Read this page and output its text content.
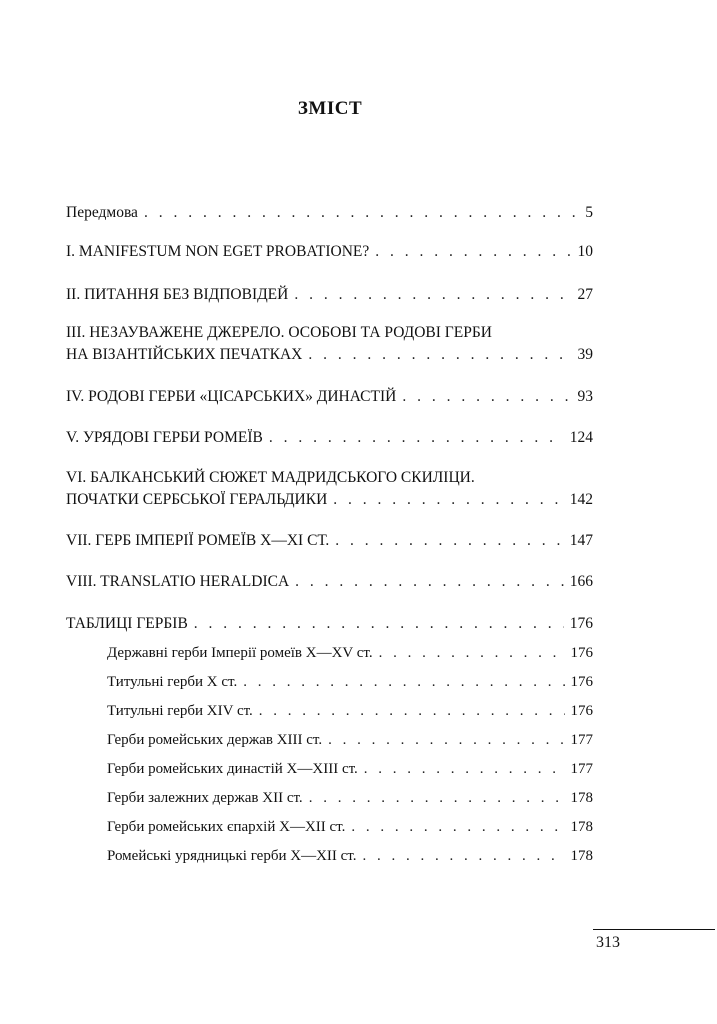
ЗМІСТ
Передмова . . .	5
I. MANIFESTUM NON EGET PROBATIONE? . . .	10
II. ПИТАННЯ БЕЗ ВІДПОВІДЕЙ . . .	27
III. НЕЗАУВАЖЕНЕ ДЖЕРЕЛО. ОСОБОВІ ТА РОДОВІ ГЕРБИ
НА ВІЗАНТІЙСЬКИХ ПЕЧАТКАХ . . .	39
IV. РОДОВІ ГЕРБИ «ЦІСАРСЬКИХ» ДИНАСТІЙ . . .	93
V. УРЯДОВІ ГЕРБИ РОМЕЇВ . . .	124
VI. БАЛКАНСЬКИЙ СЮЖЕТ МАДРИДСЬКОГО СКИЛІЦИ.
ПОЧАТКИ СЕРБСЬКОЇ ГЕРАЛЬДИКИ . . .	142
VII. ГЕРБ ІМПЕРІЇ РОМЕЇВ X—XI СТ. . . .	147
VIII. TRANSLATIO HERALDICA . . .	166
ТАБЛИЦІ ГЕРБІВ . . .	176
Державні герби Імперії ромеїв X—XV ст. . . .	176
Титульні герби X ст. . . .	176
Титульні герби XIV ст. . . .	176
Герби ромейських держав XIII ст. . . .	177
Герби ромейських династій X—XIII ст. . . .	177
Герби залежних держав XII ст. . . .	178
Герби ромейських єпархій X—XII ст. . . .	178
Ромейські урядницькі герби X—XII ст. . . .	178
313
